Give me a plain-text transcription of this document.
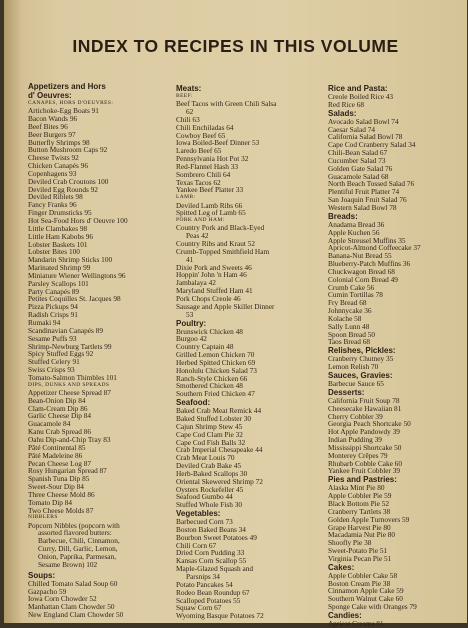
INDEX TO RECIPES IN THIS VOLUME
Appetizers and Hors
d' Oeuvres:
CANAPES, HORS D'OEUVRES:
Artichoke-Egg Boats 91
Bacon Wands 96
Beef Bites 96
Beer Burgers 97
Butterfly Shrimps 98
Button Mushroom Caps 92
Cheese Twists 92
Chicken Canapés 96
Copenhagens 93
Deviled Crab Croutons 100
Deviled Egg Rounds 92
Deviled Riblets 98
Fancy Franks 96
Finger Drumsticks 95
Hot Sea-Food Hors d' Oeuvre 100
Little Clambakes 98
Little Ham Kabobs 96
Lobster Baskets 101
Lobster Bites 100
Mandarin Shrimp Sticks 100
Marinated Shrimp 99
Miniature Wiener Wellingtons 96
Parsley Scallops 101
Party Canapés 89
Petites Coquilles St. Jacques 98
Pizza Pickups 94
Radish Crisps 91
Rumaki 94
Scandinavian Canapés 89
Sesame Puffs 93
Shrimp-Newburg Tartlets 99
Spicy Stuffed Eggs 92
Stuffed Celery 91
Swiss Crisps 93
Tomato-Salmon Thimbles 101
DIPS, DUNKS AND SPREADS
Appetizer Cheese Spread 87
Bean-Onion Dip 84
Clam-Cream Dip 86
Garlic Cheese Dip 84
Guacamole 84
Kanu Crab Spread 86
Oahu Dip-and-Chip Tray 83
Pâté Continental 85
Pâté Madeleine 86
Pecan Cheese Log 87
Rosy Hungarian Spread 87
Spanish Tuna Dip 85
Sweet-Sour Dip 84
Three Cheese Mold 86
Tomato Dip 84
Two Cheese Molds 87
NIBBLERS
Popcorn Nibbles (popcorn with
assorted flavored butters:
Barbecue, Chili, Cinnamon,
Curry, Dill, Garlic, Lemon,
Onion, Paprika, Parmesan,
Sesame Brown) 102
Soups:
Chilled Tomato Salad Soup 60
Gazpacho 59
Iowa Corn Chowder 52
Manhattan Clam Chowder 50
New England Clam Chowder 50
Meats:
BEEF:
Beef Tacos with Green Chili Salsa
62
Chili 63
Chili Enchiladas 64
Cowboy Beef 65
Iowa Boiled-Beef Dinner 53
Laredo Beef 65
Pennsylvania Hot Pot 32
Red-Flannel Hash 33
Sombrero Chili 64
Texas Tacos 62
Yankee Beef Platter 33
LAMB:
Deviled Lamb Ribs 66
Spitted Leg of Lamb 65
PORK AND HAM:
Country Pork and Black-Eyed
Peas 42
Country Ribs and Kraut 52
Crumb-Topped Smithfield Ham
41
Dixie Pork and Sweets 46
Hoppin' John 'n Ham 46
Jambalaya 42
Maryland Stuffed Ham 41
Pork Chops Creole 46
Sausage and Apple Skillet Dinner
53
Poultry:
Brunswick Chicken 48
Burgoo 42
Country Captain 48
Grilled Lemon Chicken 70
Herbed Spitted Chicken 69
Honolulu Chicken Salad 73
Ranch-Style Chicken 66
Smothered Chicken 48
Southern Fried Chicken 47
Seafood:
Baked Crab Meat Remick 44
Baked Stuffed Lobster 30
Cajun Shrimp Stew 45
Cape Cod Clam Pie 32
Cape Cod Fish Balls 32
Crab Imperial Chesapeake 44
Crab Meat Louis 70
Deviled Crab Bake 45
Herb-Baked Scallops 30
Oriental Skewered Shrimp 72
Oysters Rockefeller 45
Seafood Gumbo 44
Stuffed Whole Fish 30
Vegetables:
Barbecued Corn 73
Boston Baked Beans 34
Bourbon Sweet Potatoes 49
Chili Corn 67
Dried Corn Pudding 33
Kansas Corn Scallop 55
Maple-Glazed Squash and
Parsnips 34
Potato Pancakes 54
Rodeo Bean Roundup 67
Scalloped Potatoes 55
Squaw Corn 67
Wyoming Basque Potatoes 72
Rice and Pasta:
Creole Boiled Rice 43
Red Rice 68
Salads:
Avocado Salad Bowl 74
Caesar Salad 74
California Salad Bowl 78
Cape Cod Cranberry Salad 34
Chili-Bean Salad 67
Cucumber Salad 73
Golden Gate Salad 76
Guacamole Salad 68
North Beach Tossed Salad 76
Plentiful Fruit Platter 74
San Joaquin Fruit Salad 76
Western Salad Bowl 78
Breads:
Anadama Bread 36
Apple Kuchen 56
Apple Streusel Muffins 35
Apricot-Almond Coffeecake 37
Banana-Nut Bread 55
Blueberry-Patch Muffins 36
Chuckwagon Bread 68
Colonial Corn Bread 49
Crumb Cake 56
Cumin Tortillas 78
Fry Bread 68
Johnnycake 36
Kolache 58
Sally Lunn 48
Spoon Bread 50
Taos Bread 68
Relishes, Pickles:
Cranberry Chutney 35
Lemon Relish 70
Sauces, Gravies:
Barbecue Sauce 65
Desserts:
California Fruit Soup 78
Cheesecake Hawaiian 81
Cherry Cobbler 39
Georgia Peach Shortcake 50
Hot Apple Pandowdy 39
Indian Pudding 39
Mississippi Shortcake 50
Monterey Crêpes 79
Rhubarb Cobble Cake 60
Yankee Fruit Cobbler 39
Pies and Pastries:
Alaska Mint Pie 80
Apple Cobbler Pie 59
Black Bottom Pie 52
Cranberry Tartlets 38
Golden Apple Turnovers 59
Grape Harvest Pie 80
Macadamia Nut Pie 80
Shoofly Pie 38
Sweet-Potato Pie 51
Virginia Pecan Pie 51
Cakes:
Apple Cobbler Cake 58
Boston Cream Pie 38
Cinnamon Apple Cake 59
Southern Walnut Cake 60
Sponge Cake with Oranges 79
Candies:
Apricot Creams 81
